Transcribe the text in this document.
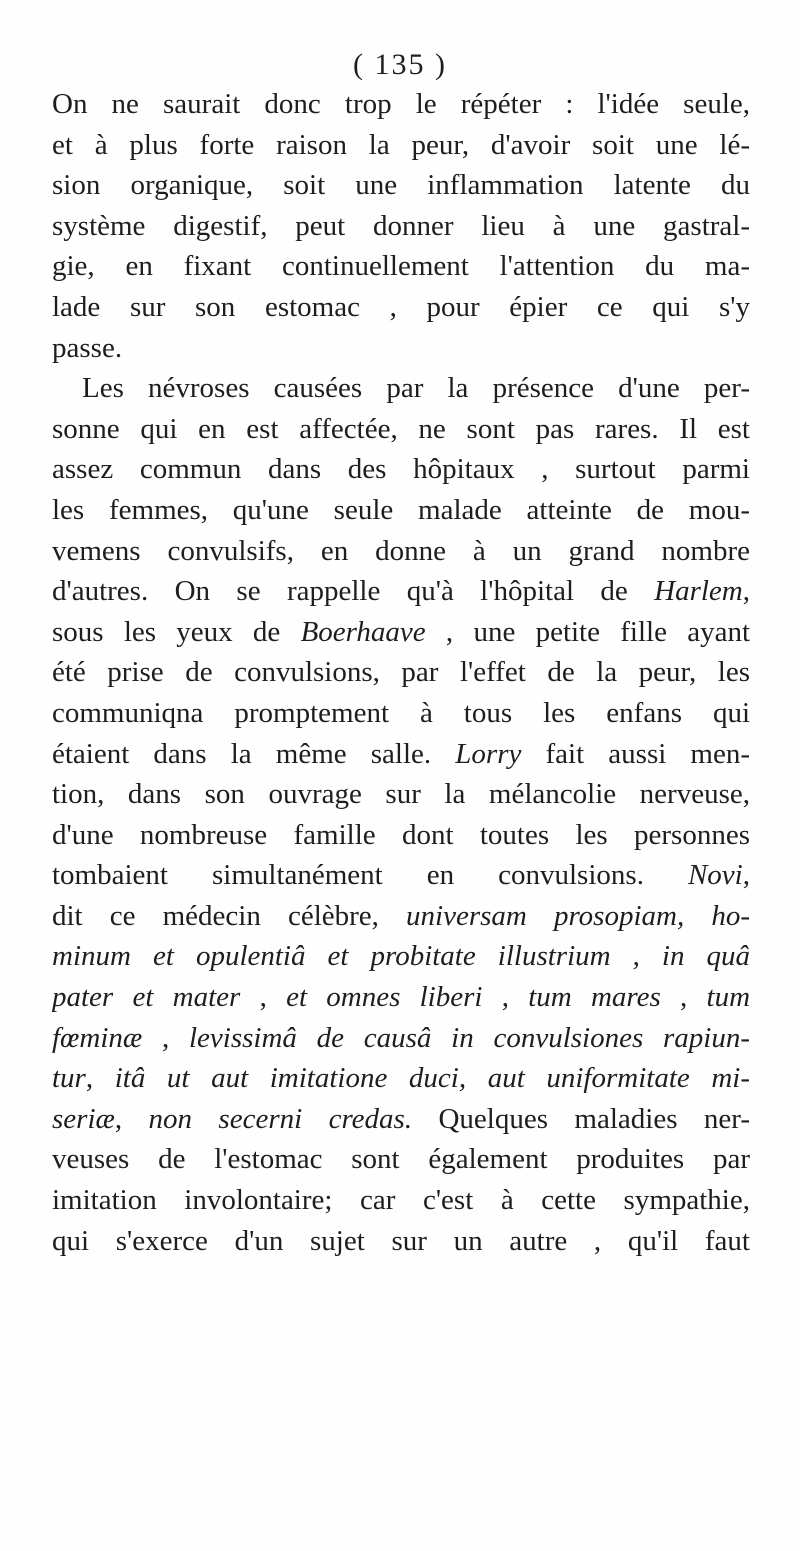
( 135 )
On ne saurait donc trop le répéter : l'idée seule,
et à plus forte raison la peur, d'avoir soit une lé-
sion organique, soit une inflammation latente du
système digestif, peut donner lieu à une gastral-
gie, en fixant continuellement l'attention du ma-
lade sur son estomac , pour épier ce qui s'y
passe.
Les névroses causées par la présence d'une per-
sonne qui en est affectée, ne sont pas rares. Il est
assez commun dans des hôpitaux , surtout parmi
les femmes, qu'une seule malade atteinte de mou-
vemens convulsifs, en donne à un grand nombre
d'autres. On se rappelle qu'à l'hôpital de Harlem,
sous les yeux de Boerhaave , une petite fille ayant
été prise de convulsions, par l'effet de la peur, les
communiqna promptement à tous les enfans qui
étaient dans la même salle. Lorry fait aussi men-
tion, dans son ouvrage sur la mélancolie nerveuse,
d'une nombreuse famille dont toutes les personnes
tombaient simultanément en convulsions. Novi,
dit ce médecin célèbre, universam prosopiam, ho-
minum et opulentiâ et probitate illustrium , in quâ
pater et mater , et omnes liberi , tum mares , tum
fœminæ , levissimâ de causâ in convulsiones rapiun-
tur, itâ ut aut imitatione duci, aut uniformitate mi-
seriæ, non secerni credas. Quelques maladies ner-
veuses de l'estomac sont également produites par
imitation involontaire; car c'est à cette sympathie,
qui s'exerce d'un sujet sur un autre , qu'il faut
